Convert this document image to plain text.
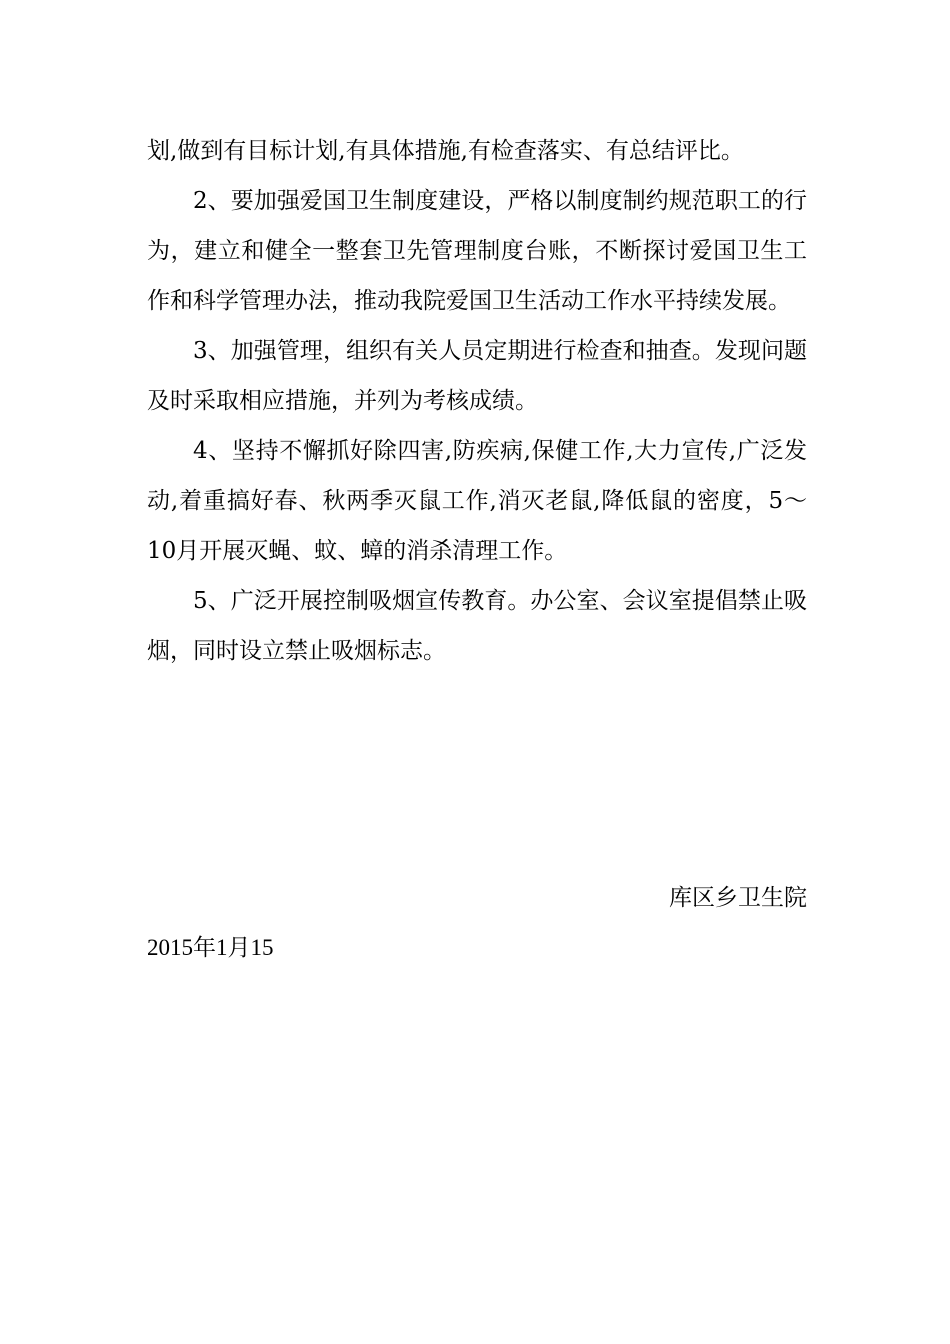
划,做到有目标计划,有具体措施,有检查落实、有总结评比。

2、要加强爱国卫生制度建设，严格以制度制约规范职工的行为，建立和健全一整套卫先管理制度台账，不断探讨爱国卫生工作和科学管理办法，推动我院爱国卫生活动工作水平持续发展。

3、加强管理，组织有关人员定期进行检查和抽查。发现问题及时采取相应措施，并列为考核成绩。

4、坚持不懈抓好除四害,防疾病,保健工作,大力宣传,广泛发动,着重搞好春、秋两季灭鼠工作,消灭老鼠,降低鼠的密度，5～10月开展灭蝇、蚊、蟑的消杀清理工作。

5、广泛开展控制吸烟宣传教育。办公室、会议室提倡禁止吸烟，同时设立禁止吸烟标志。

库区乡卫生院
2015年1月15
